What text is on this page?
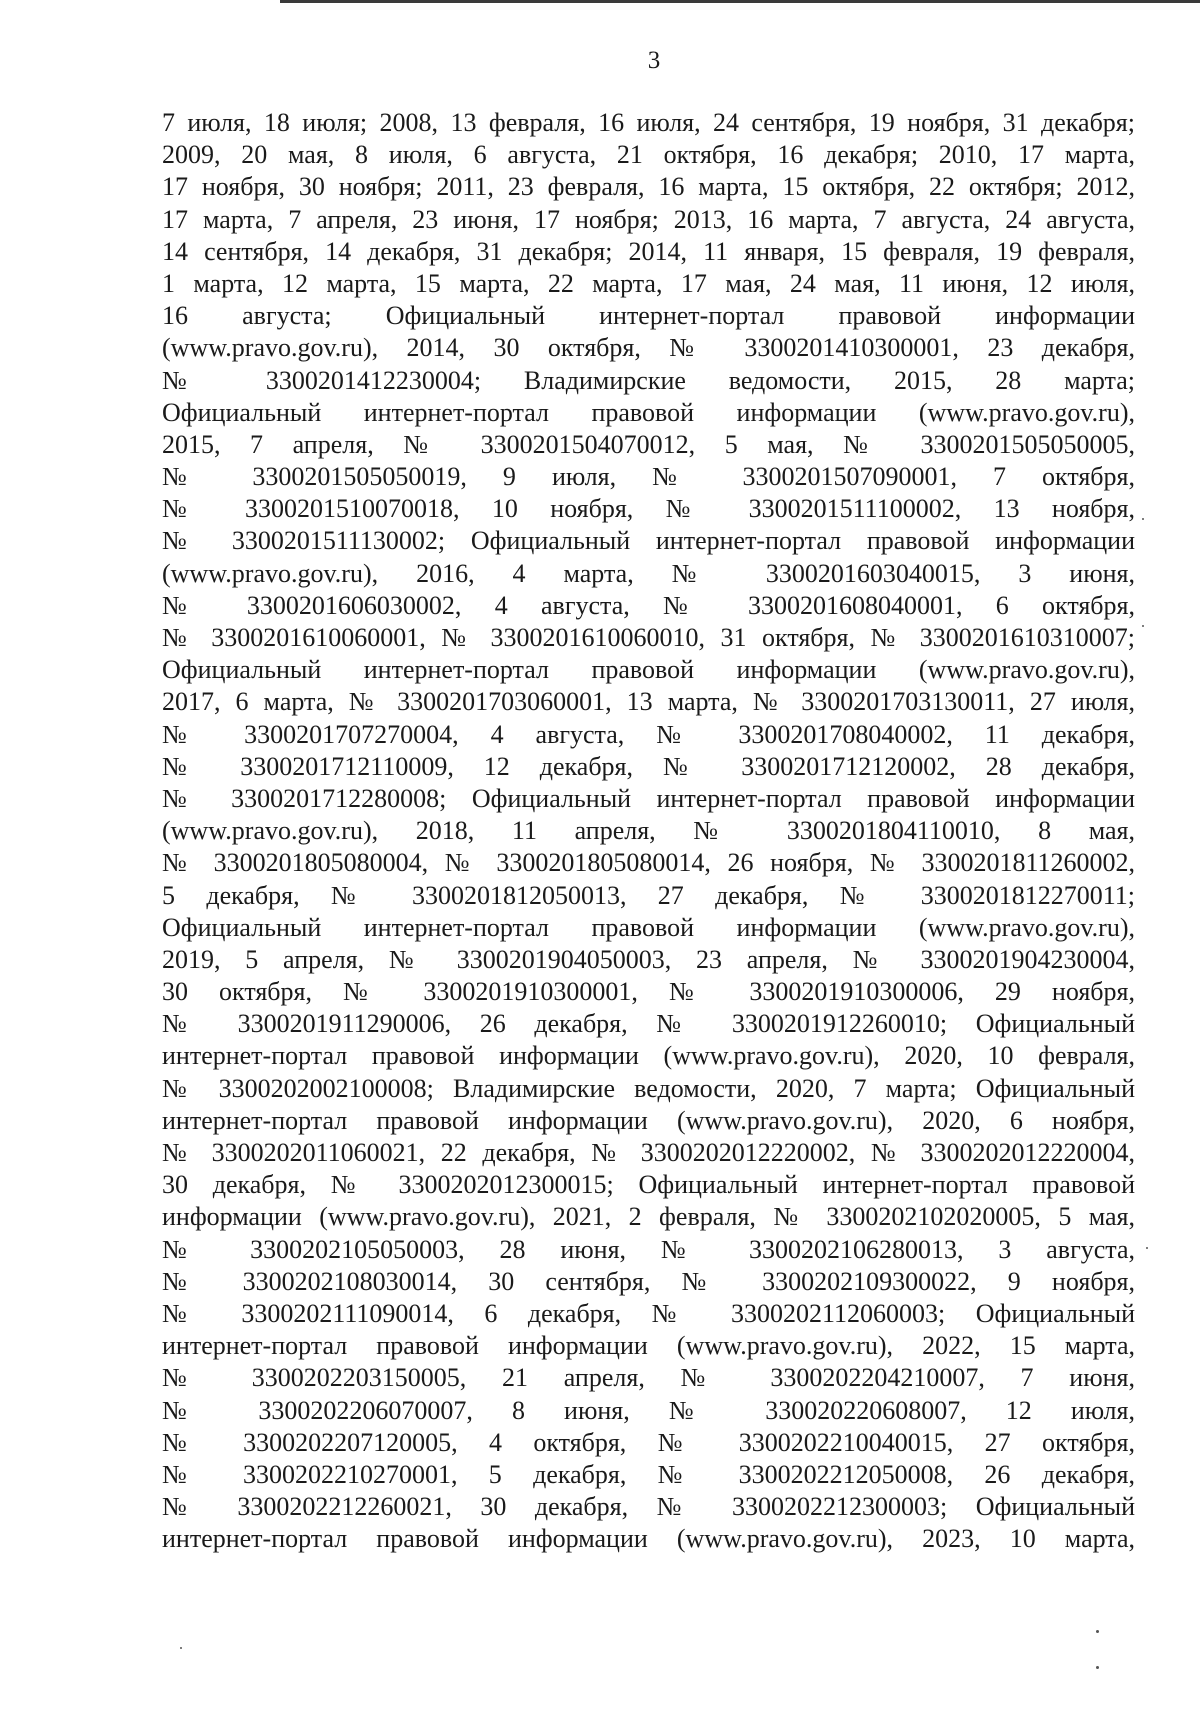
3
7 июля, 18 июля; 2008, 13 февраля, 16 июля, 24 сентября, 19 ноября, 31 декабря;
2009, 20 мая, 8 июля, 6 августа, 21 октября, 16 декабря; 2010, 17 марта,
17 ноября, 30 ноября; 2011, 23 февраля, 16 марта, 15 октября, 22 октября; 2012,
17 марта, 7 апреля, 23 июня, 17 ноября; 2013, 16 марта, 7 августа, 24 августа,
14 сентября, 14 декабря, 31 декабря; 2014, 11 января, 15 февраля, 19 февраля,
1 марта, 12 марта, 15 марта, 22 марта, 17 мая, 24 мая, 11 июня, 12 июля,
16 августа; Официальный интернет-портал правовой информации
(www.pravo.gov.ru), 2014, 30 октября, № 3300201410300001, 23 декабря,
№ 3300201412230004; Владимирские ведомости, 2015, 28 марта;
Официальный интернет-портал правовой информации (www.pravo.gov.ru),
2015, 7 апреля, № 3300201504070012, 5 мая, № 3300201505050005,
№ 3300201505050019, 9 июля, № 3300201507090001, 7 октября,
№ 3300201510070018, 10 ноября, № 3300201511100002, 13 ноября,
№ 3300201511130002; Официальный интернет-портал правовой информации
(www.pravo.gov.ru), 2016, 4 марта, № 3300201603040015, 3 июня,
№ 3300201606030002, 4 августа, № 3300201608040001, 6 октября,
№ 3300201610060001, № 3300201610060010, 31 октября, № 3300201610310007;
Официальный интернет-портал правовой информации (www.pravo.gov.ru),
2017, 6 марта, № 3300201703060001, 13 марта, № 3300201703130011, 27 июля,
№ 3300201707270004, 4 августа, № 3300201708040002, 11 декабря,
№ 3300201712110009, 12 декабря, № 3300201712120002, 28 декабря,
№ 3300201712280008; Официальный интернет-портал правовой информации
(www.pravo.gov.ru), 2018, 11 апреля, № 3300201804110010, 8 мая,
№ 3300201805080004, № 3300201805080014, 26 ноября, № 3300201811260002,
5 декабря, № 3300201812050013, 27 декабря, № 3300201812270011;
Официальный интернет-портал правовой информации (www.pravo.gov.ru),
2019, 5 апреля, № 3300201904050003, 23 апреля, № 3300201904230004,
30 октября, № 3300201910300001, № 3300201910300006, 29 ноября,
№ 3300201911290006, 26 декабря, № 3300201912260010; Официальный
интернет-портал правовой информации (www.pravo.gov.ru), 2020, 10 февраля,
№ 3300202002100008; Владимирские ведомости, 2020, 7 марта; Официальный
интернет-портал правовой информации (www.pravo.gov.ru), 2020, 6 ноября,
№ 3300202011060021, 22 декабря, № 3300202012220002, № 3300202012220004,
30 декабря, № 3300202012300015; Официальный интернет-портал правовой
информации (www.pravo.gov.ru), 2021, 2 февраля, № 3300202102020005, 5 мая,
№ 3300202105050003, 28 июня, № 3300202106280013, 3 августа,
№ 3300202108030014, 30 сентября, № 3300202109300022, 9 ноября,
№ 3300202111090014, 6 декабря, № 3300202112060003; Официальный
интернет-портал правовой информации (www.pravo.gov.ru), 2022, 15 марта,
№ 3300202203150005, 21 апреля, № 3300202204210007, 7 июня,
№ 3300202206070007, 8 июня, № 330020220608007, 12 июля,
№ 3300202207120005, 4 октября, № 3300202210040015, 27 октября,
№ 3300202210270001, 5 декабря, № 3300202212050008, 26 декабря,
№ 3300202212260021, 30 декабря, № 3300202212300003; Официальный
интернет-портал правовой информации (www.pravo.gov.ru), 2023, 10 марта,
